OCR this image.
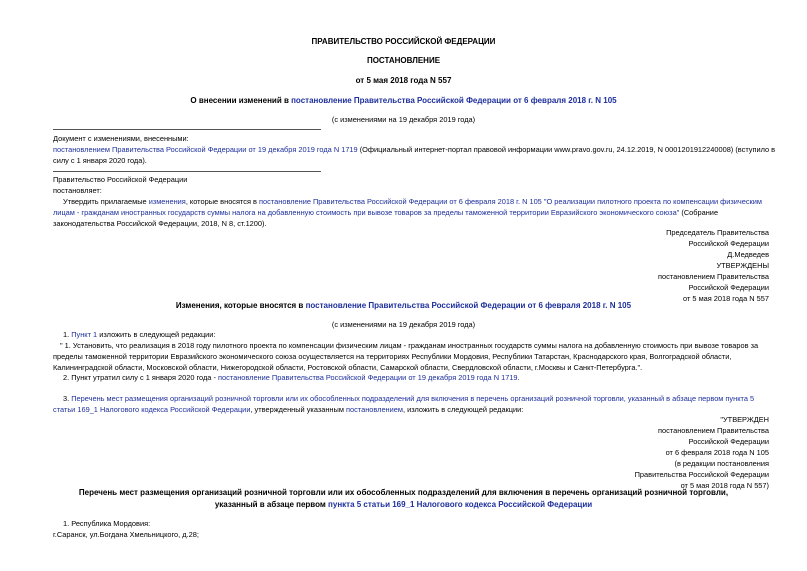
ПРАВИТЕЛЬСТВО РОССИЙСКОЙ ФЕДЕРАЦИИ
ПОСТАНОВЛЕНИЕ
от 5 мая 2018 года N 557
О внесении изменений в постановление Правительства Российской Федерации от 6 февраля 2018 г. N 105
(с изменениями на 19 декабря 2019 года)
Документ с изменениями, внесенными:
постановлением Правительства Российской Федерации от 19 декабря 2019 года N 1719 (Официальный интернет-портал правовой информации www.pravo.gov.ru, 24.12.2019, N 0001201912240008) (вступило в
силу с 1 января 2020 года).
Правительство Российской Федерации
постановляет:
Утвердить прилагаемые изменения, которые вносятся в постановление Правительства Российской Федерации от 6 февраля 2018 г. N 105 "О реализации пилотного проекта по компенсации физическим лицам - гражданам иностранных государств суммы налога на добавленную стоимость при вывозе товаров за пределы таможенной территории Евразийского экономического союза" (Собрание законодательства Российской Федерации, 2018, N 8, ст.1200).
Председатель Правительства
Российской Федерации
Д.Медведев
УТВЕРЖДЕНЫ
постановлением Правительства
Российской Федерации
от 5 мая 2018 года N 557
Изменения, которые вносятся в постановление Правительства Российской Федерации от 6 февраля 2018 г. N 105
(с изменениями на 19 декабря 2019 года)
1. Пункт 1 изложить в следующей редакции:
" 1. Установить, что реализация в 2018 году пилотного проекта по компенсации физическим лицам - гражданам иностранных государств суммы налога на добавленную стоимость при вывозе товаров за пределы таможенной территории Евразийского экономического союза осуществляется на территориях Республики Мордовия, Республики Татарстан, Краснодарского края, Волгоградской области, Калининградской области, Московской области, Нижегородской области, Ростовской области, Самарской области, Свердловской области, г.Москвы и Санкт-Петербурга.".
2. Пункт утратил силу с 1 января 2020 года - постановление Правительства Российской Федерации от 19 декабря 2019 года N 1719.
3. Перечень мест размещения организаций розничной торговли или их обособленных подразделений для включения в перечень организаций розничной торговли, указанный в абзаце первом пункта 5 статьи 169_1 Налогового кодекса Российской Федерации, утвержденный указанным постановлением, изложить в следующей редакции:
"УТВЕРЖДЕН
постановлением Правительства
Российской Федерации
от 6 февраля 2018 года N 105
(в редакции постановления
Правительства Российской Федерации
от 5 мая 2018 года N 557)
Перечень мест размещения организаций розничной торговли или их обособленных подразделений для включения в перечень организаций розничной торговли,
указанный в абзаце первом пункта 5 статьи 169_1 Налогового кодекса Российской Федерации
1. Республика Мордовия:
г.Саранск, ул.Богдана Хмельницкого, д.28;
